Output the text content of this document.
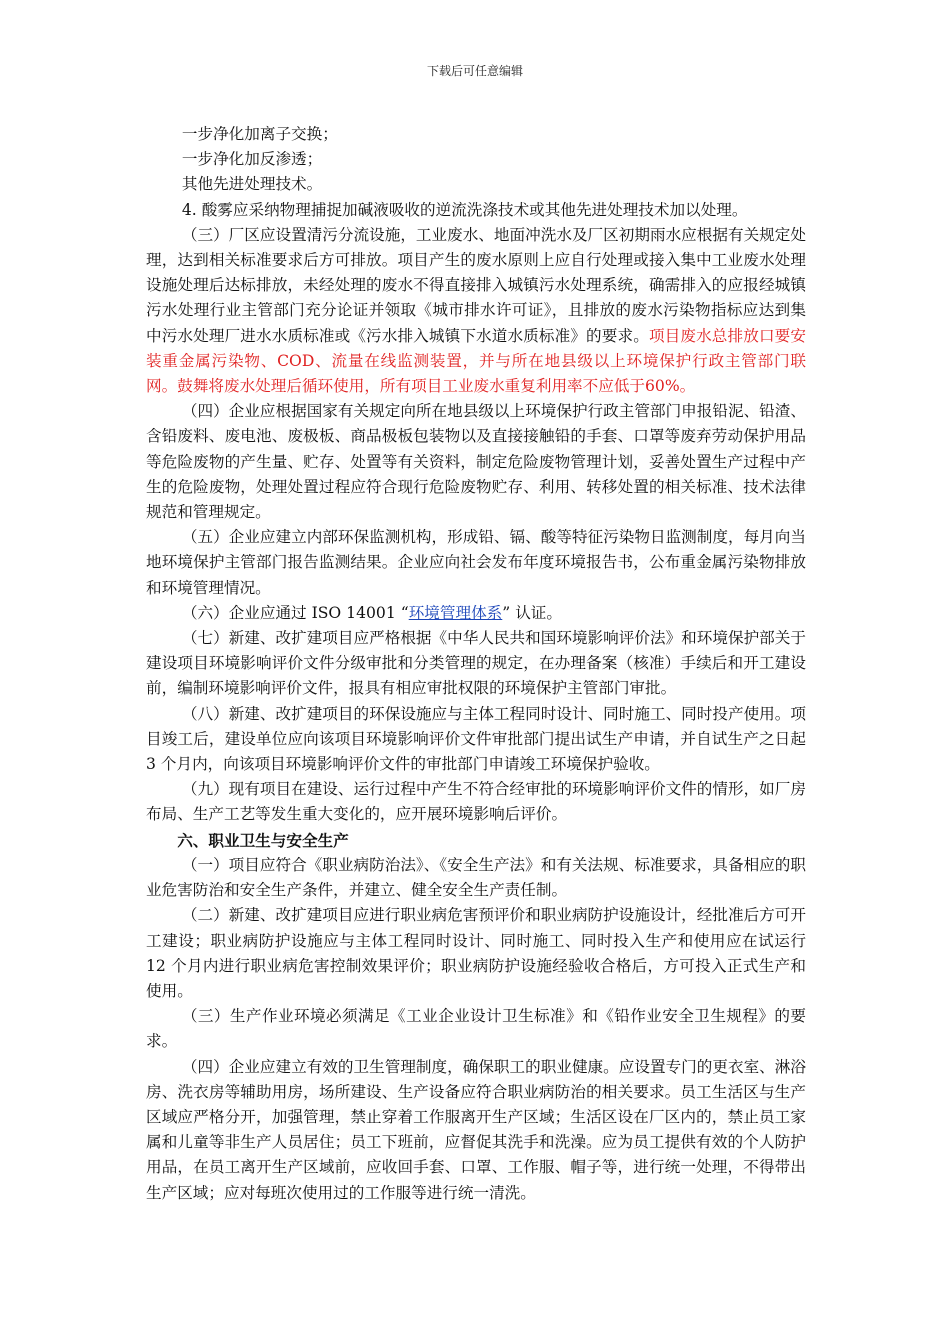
下载后可任意编辑

一步净化加离子交换；

一步净化加反渗透；

其他先进处理技术。

4. 酸雾应采纳物理捕捉加碱液吸收的逆流洗涤技术或其他先进处理技术加以处理。

（三）厂区应设置清污分流设施，工业废水、地面冲洗水及厂区初期雨水应根据有关规定处理，达到相关标准要求后方可排放。项目产生的废水原则上应自行处理或接入集中工业废水处理设施处理后达标排放，未经处理的废水不得直接排入城镇污水处理系统，确需排入的应报经城镇污水处理行业主管部门充分论证并领取《城市排水许可证》，且排放的废水污染物指标应达到集中污水处理厂进水水质标准或《污水排入城镇下水道水质标准》的要求。项目废水总排放口要安装重金属污染物、COD、流量在线监测装置，并与所在地县级以上环境保护行政主管部门联网。鼓舞将废水处理后循环使用，所有项目工业废水重复利用率不应低于60%。

（四）企业应根据国家有关规定向所在地县级以上环境保护行政主管部门申报铅泥、铅渣、含铅废料、废电池、废极板、商品极板包装物以及直接接触铅的手套、口罩等废弃劳动保护用品等危险废物的产生量、贮存、处置等有关资料，制定危险废物管理计划，妥善处置生产过程中产生的危险废物，处理处置过程应符合现行危险废物贮存、利用、转移处置的相关标准、技术法律规范和管理规定。

（五）企业应建立内部环保监测机构，形成铅、镉、酸等特征污染物日监测制度，每月向当地环境保护主管部门报告监测结果。企业应向社会发布年度环境报告书，公布重金属污染物排放和环境管理情况。

（六）企业应通过 ISO 14001 “环境管理体系” 认证。

（七）新建、改扩建项目应严格根据《中华人民共和国环境影响评价法》和环境保护部关于建设项目环境影响评价文件分级审批和分类管理的规定，在办理备案（核准）手续后和开工建设前，编制环境影响评价文件，报具有相应审批权限的环境保护主管部门审批。

（八）新建、改扩建项目的环保设施应与主体工程同时设计、同时施工、同时投产使用。项目竣工后，建设单位应向该项目环境影响评价文件审批部门提出试生产申请，并自试生产之日起 3 个月内，向该项目环境影响评价文件的审批部门申请竣工环境保护验收。

（九）现有项目在建设、运行过程中产生不符合经审批的环境影响评价文件的情形，如厂房布局、生产工艺等发生重大变化的，应开展环境影响后评价。

六、职业卫生与安全生产

（一）项目应符合《职业病防治法》、《安全生产法》和有关法规、标准要求，具备相应的职业危害防治和安全生产条件，并建立、健全安全生产责任制。

（二）新建、改扩建项目应进行职业病危害预评价和职业病防护设施设计，经批准后方可开工建设；职业病防护设施应与主体工程同时设计、同时施工、同时投入生产和使用应在试运行 12 个月内进行职业病危害控制效果评价；职业病防护设施经验收合格后，方可投入正式生产和使用。

（三）生产作业环境必须满足《工业企业设计卫生标准》和《铅作业安全卫生规程》的要求。

（四）企业应建立有效的卫生管理制度，确保职工的职业健康。应设置专门的更衣室、淋浴房、洗衣房等辅助用房，场所建设、生产设备应符合职业病防治的相关要求。员工生活区与生产区域应严格分开，加强管理，禁止穿着工作服离开生产区域；生活区设在厂区内的，禁止员工家属和儿童等非生产人员居住；员工下班前，应督促其洗手和洗澡。应为员工提供有效的个人防护用品，在员工离开生产区域前，应收回手套、口罩、工作服、帽子等，进行统一处理，不得带出生产区域；应对每班次使用过的工作服等进行统一清洗。
